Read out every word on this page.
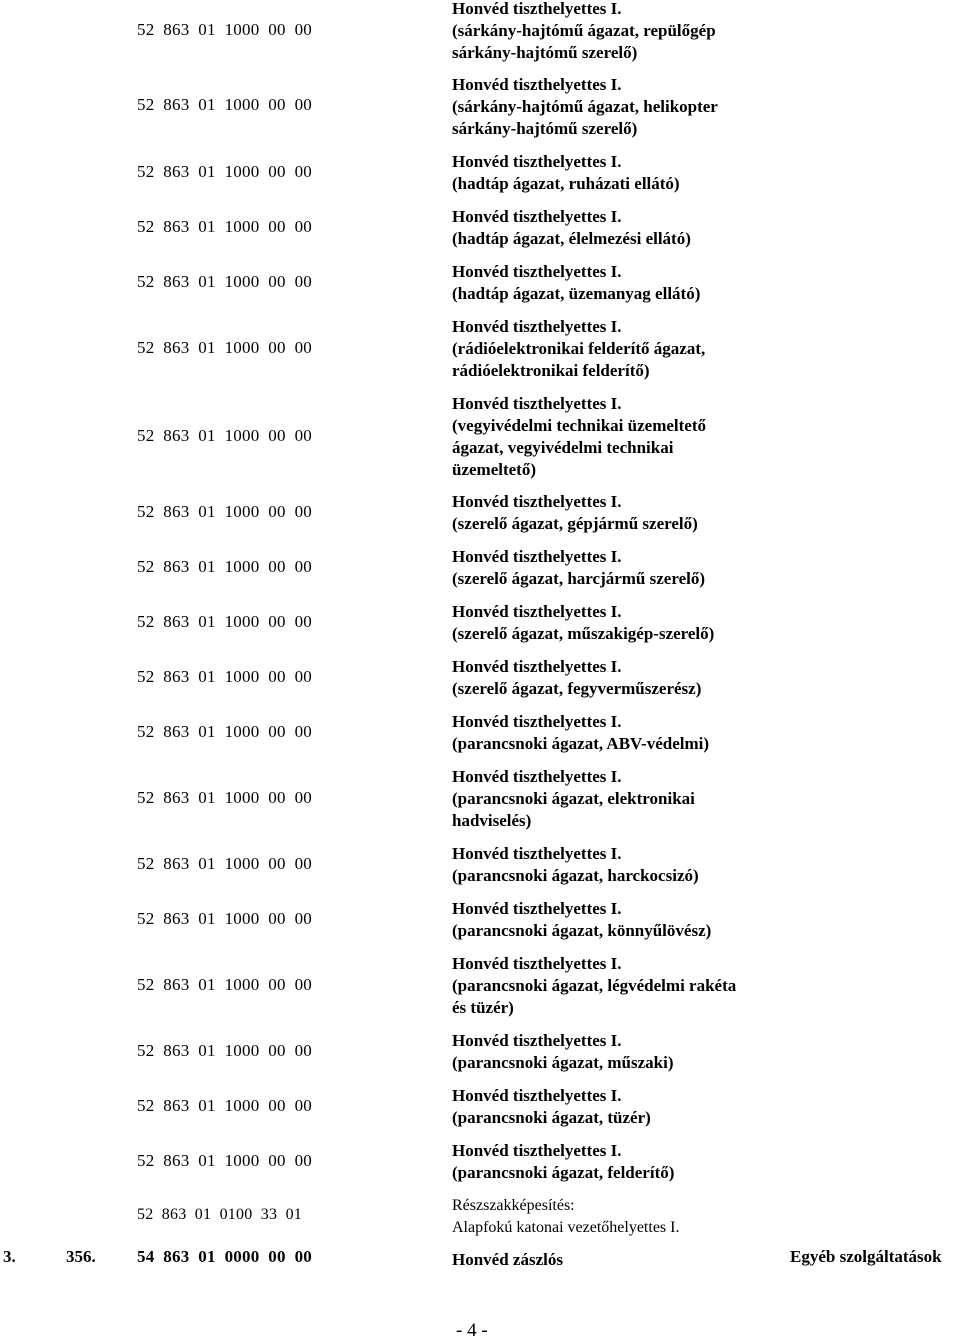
52  863  01  1000  00  00
Honvéd tiszthelyettes I.
(sárkány-hajtómű ágazat, repülőgép
sárkány-hajtómű szerelő)
52  863  01  1000  00  00
Honvéd tiszthelyettes I.
(sárkány-hajtómű ágazat, helikopter
sárkány-hajtómű szerelő)
52  863  01  1000  00  00
Honvéd tiszthelyettes I.
(hadtáp ágazat, ruházati ellátó)
52  863  01  1000  00  00
Honvéd tiszthelyettes I.
(hadtáp ágazat, élelmezési ellátó)
52  863  01  1000  00  00
Honvéd tiszthelyettes I.
(hadtáp ágazat, üzemanyag ellátó)
52  863  01  1000  00  00
Honvéd tiszthelyettes I.
(rádióelektronikai felderítő ágazat,
rádióelektronikai felderítő)
52  863  01  1000  00  00
Honvéd tiszthelyettes I.
(vegyivédelmi technikai üzemeltető
ágazat, vegyivédelmi technikai
üzemeltető)
52  863  01  1000  00  00
Honvéd tiszthelyettes I.
(szerelő ágazat, gépjármű szerelő)
52  863  01  1000  00  00
Honvéd tiszthelyettes I.
(szerelő ágazat, harcjármű szerelő)
52  863  01  1000  00  00
Honvéd tiszthelyettes I.
(szerelő ágazat, műszakigép-szerelő)
52  863  01  1000  00  00
Honvéd tiszthelyettes I.
(szerelő ágazat, fegyverműszerész)
52  863  01  1000  00  00
Honvéd tiszthelyettes I.
(parancsnoki ágazat, ABV-védelmi)
52  863  01  1000  00  00
Honvéd tiszthelyettes I.
(parancsnoki ágazat, elektronikai
hadviselés)
52  863  01  1000  00  00
Honvéd tiszthelyettes I.
(parancsnoki ágazat, harckocsizó)
52  863  01  1000  00  00
Honvéd tiszthelyettes I.
(parancsnoki ágazat, könnyűlövész)
52  863  01  1000  00  00
Honvéd tiszthelyettes I.
(parancsnoki ágazat, légvédelmi rakéta
és tüzér)
52  863  01  1000  00  00
Honvéd tiszthelyettes I.
(parancsnoki ágazat, műszaki)
52  863  01  1000  00  00
Honvéd tiszthelyettes I.
(parancsnoki ágazat, tüzér)
52  863  01  1000  00  00
Honvéd tiszthelyettes I.
(parancsnoki ágazat, felderítő)
52  863  01  0100  33  01
Részszakképesítés:
Alapfokú katonai vezetőhelyettes I.
3.	356. 54  863  01  0000  00  00	Honvéd zászlós	Egyéb szolgáltatások
- 4 -
